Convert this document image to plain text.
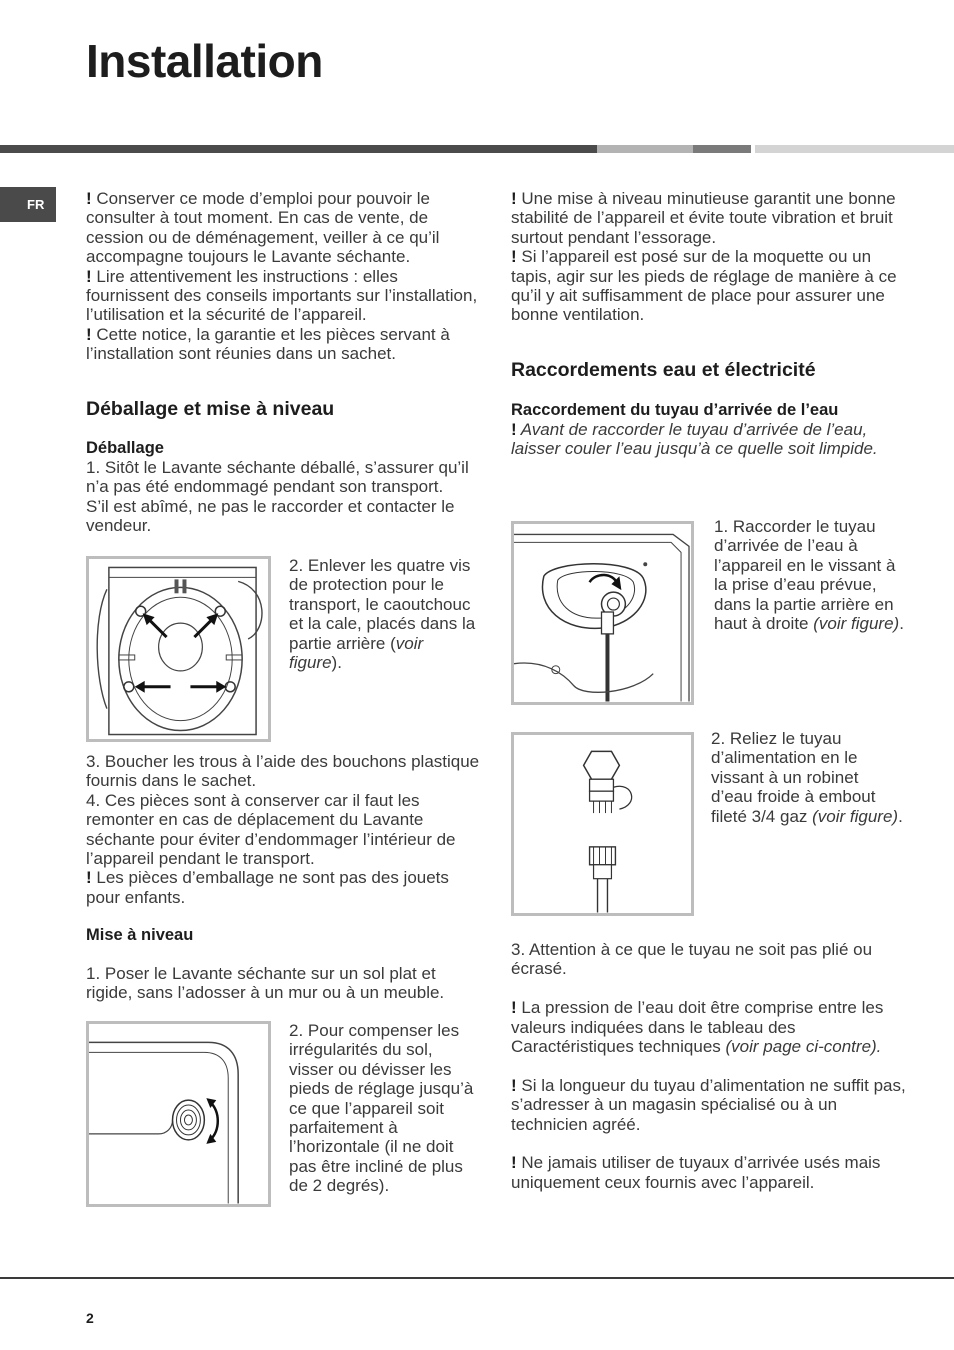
Installation
FR	! Conserver ce mode d’emploi pour pouvoir le consulter à tout moment. En cas de vente, de cession ou de déménagement, veiller à ce qu’il accompagne toujours le Lavante séchante.

! Lire attentivement les instructions : elles fournissent des conseils importants sur l’installation, l’utilisation et la sécurité de l’appareil.

! Cette notice, la garantie et les pièces servant à l’installation sont réunies dans un sachet.

Déballage et mise à niveau

Déballage

1. Sitôt le Lavante séchante déballé, s’assurer qu’il n’a pas été endommagé pendant son transport.

S’il est abîmé, ne pas le raccorder et contacter le vendeur.

2. Enlever les quatre vis de protection pour le transport, le caoutchouc et la cale, placés dans la partie arrière (voir figure).

3. Boucher les trous à l’aide des bouchons plastique fournis dans le sachet.

4. Ces pièces sont à conserver car il faut les remonter en cas de déplacement du Lavante séchante pour éviter d’endommager l’intérieur de l’appareil pendant le transport.

! Les pièces d’emballage ne sont pas des jouets pour enfants.

Mise à niveau

1. Poser le Lavante séchante sur un sol plat et rigide, sans l’adosser à un mur ou à un meuble.

2. Pour compenser les irrégularités du sol, visser ou dévisser les pieds de réglage jusqu’à ce que l’appareil soit parfaitement à l’horizontale (il ne doit pas être incliné de plus de 2 degrés).

! Une mise à niveau minutieuse garantit une bonne stabilité de l’appareil et évite toute vibration et bruit surtout pendant l’essorage.

! Si l’appareil est posé sur de la moquette ou un tapis, agir sur les pieds de réglage de manière à ce qu’il y ait suffisamment de place pour assurer une bonne ventilation.

Raccordements eau et électricité

Raccordement du tuyau d’arrivée de l’eau

! Avant de raccorder le tuyau d’arrivée de l’eau, laisser couler l’eau jusqu’à ce quelle soit limpide.

1. Raccorder le tuyau d’arrivée de l’eau à l’appareil en le vissant à la prise d’eau prévue, dans la partie arrière en haut à droite (voir figure).

2. Reliez le tuyau d’alimentation en le vissant à un robinet d’eau froide à embout fileté 3/4 gaz (voir figure).

3. Attention à ce que le tuyau ne soit pas plié ou écrasé.

! La pression de l’eau doit être comprise entre les valeurs indiquées dans le tableau des Caractéristiques techniques (voir page ci-contre).

! Si la longueur du tuyau d’alimentation ne suffit pas, s’adresser à un magasin spécialisé ou à un technicien agréé.

! Ne jamais utiliser de tuyaux d’arrivée usés mais uniquement ceux fournis avec l’appareil.

2
